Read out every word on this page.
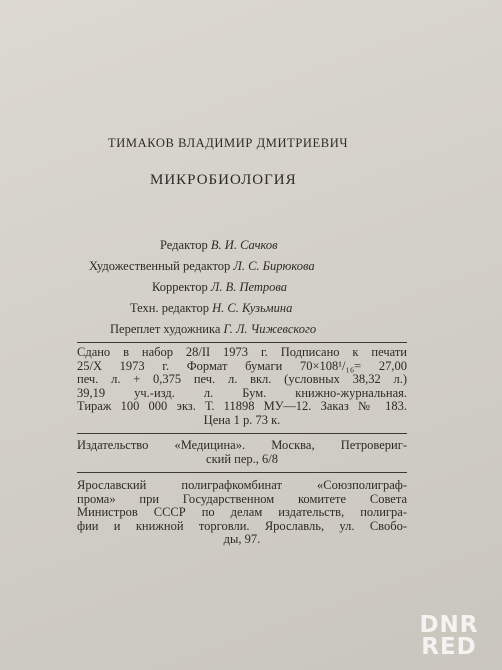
ТИМАКОВ ВЛАДИМИР ДМИТРИЕВИЧ
МИКРОБИОЛОГИЯ
Редактор В. И. Сачков
Художественный редактор Л. С. Бирюкова
Корректор Л. В. Петрова
Техн. редактор Н. С. Кузьмина
Переплет художника Г. Л. Чижевского
Сдано в набор 28/II 1973 г. Подписано к печати
25/X 1973 г. Формат бумаги 70×108¹/₁₆= 27,00
печ. л. + 0,375 печ. л. вкл. (условных 38,32 л.)
39,19 уч.-изд. л. Бум. книжно-журнальная.
Тираж 100 000 экз. Т. 11898 МУ—12. Заказ № 183.
Цена 1 р. 73 к.
Издательство «Медицина». Москва, Петровериг-
ский пер., 6/8
Ярославский полиграфкомбинат «Союзполиграф-
прома» при Государственном комитете Совета
Министров СССР по делам издательств, полигра-
фии и книжной торговли. Ярославль, ул. Свобо-
ды, 97.
DNR
RED
